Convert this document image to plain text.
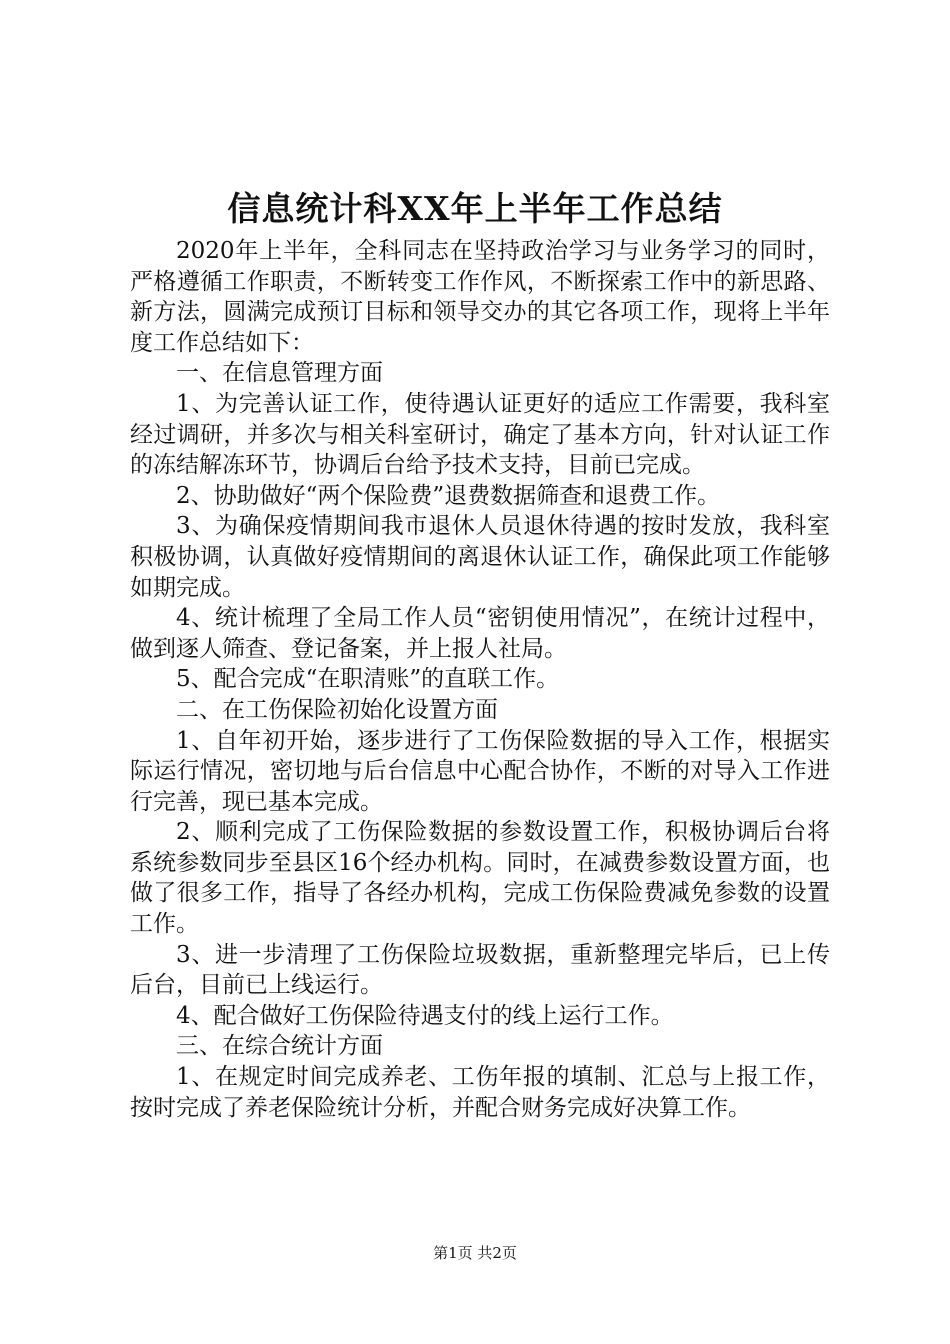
信息统计科XX年上半年工作总结

2020年上半年，全科同志在坚持政治学习与业务学习的同时，严格遵循工作职责，不断转变工作作风，不断探索工作中的新思路、新方法，圆满完成预订目标和领导交办的其它各项工作，现将上半年度工作总结如下：

一、在信息管理方面

1、为完善认证工作，使待遇认证更好的适应工作需要，我科室经过调研，并多次与相关科室研讨，确定了基本方向，针对认证工作的冻结解冻环节，协调后台给予技术支持，目前已完成。

2、协助做好“两个保险费”退费数据筛查和退费工作。

3、为确保疫情期间我市退休人员退休待遇的按时发放，我科室积极协调，认真做好疫情期间的离退休认证工作，确保此项工作能够如期完成。

4、统计梳理了全局工作人员“密钥使用情况”，在统计过程中，做到逐人筛查、登记备案，并上报人社局。

5、配合完成“在职清账”的直联工作。

二、在工伤保险初始化设置方面

1、自年初开始，逐步进行了工伤保险数据的导入工作，根据实际运行情况，密切地与后台信息中心配合协作，不断的对导入工作进行完善，现已基本完成。

2、顺利完成了工伤保险数据的参数设置工作，积极协调后台将系统参数同步至县区16个经办机构。同时，在减费参数设置方面，也做了很多工作，指导了各经办机构，完成工伤保险费减免参数的设置工作。

3、进一步清理了工伤保险垃圾数据，重新整理完毕后，已上传后台，目前已上线运行。

4、配合做好工伤保险待遇支付的线上运行工作。

三、在综合统计方面

1、在规定时间完成养老、工伤年报的填制、汇总与上报工作，按时完成了养老保险统计分析，并配合财务完成好决算工作。

第1页 共2页
